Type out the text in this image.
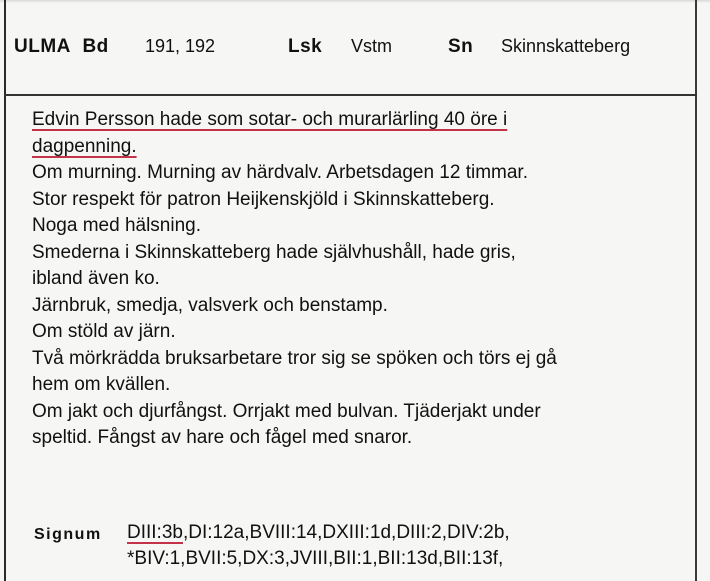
ULMA Bd 191, 192	Lsk Vstm	Sn Skinnskatteberg
Edvin Persson hade som sotar- och murarlärling 40 öre i
dagpenning.
Om murning. Murning av härdvalv. Arbetsdagen 12 timmar.
Stor respekt för patron Heijkenskjöld i Skinnskatteberg.
Noga med hälsning.
Smederna i Skinnskatteberg hade självhushåll, hade gris,
ibland även ko.
Järnbruk, smedja, valsverk och benstamp.
Om stöld av järn.
Två mörkrädda bruksarbetare tror sig se spöken och törs ej gå
hem om kvällen.
Om jakt och djurfångst. Orrjakt med bulvan. Tjäderjakt under
speltid. Fångst av hare och fågel med snaror.
Signum DIII:3b,DI:12a,BVIII:14,DXIII:1d,DIII:2,DIV:2b,
*BIV:1,BVII:5,DX:3,JVIII,BII:1,BII:13d,BII:13f,
